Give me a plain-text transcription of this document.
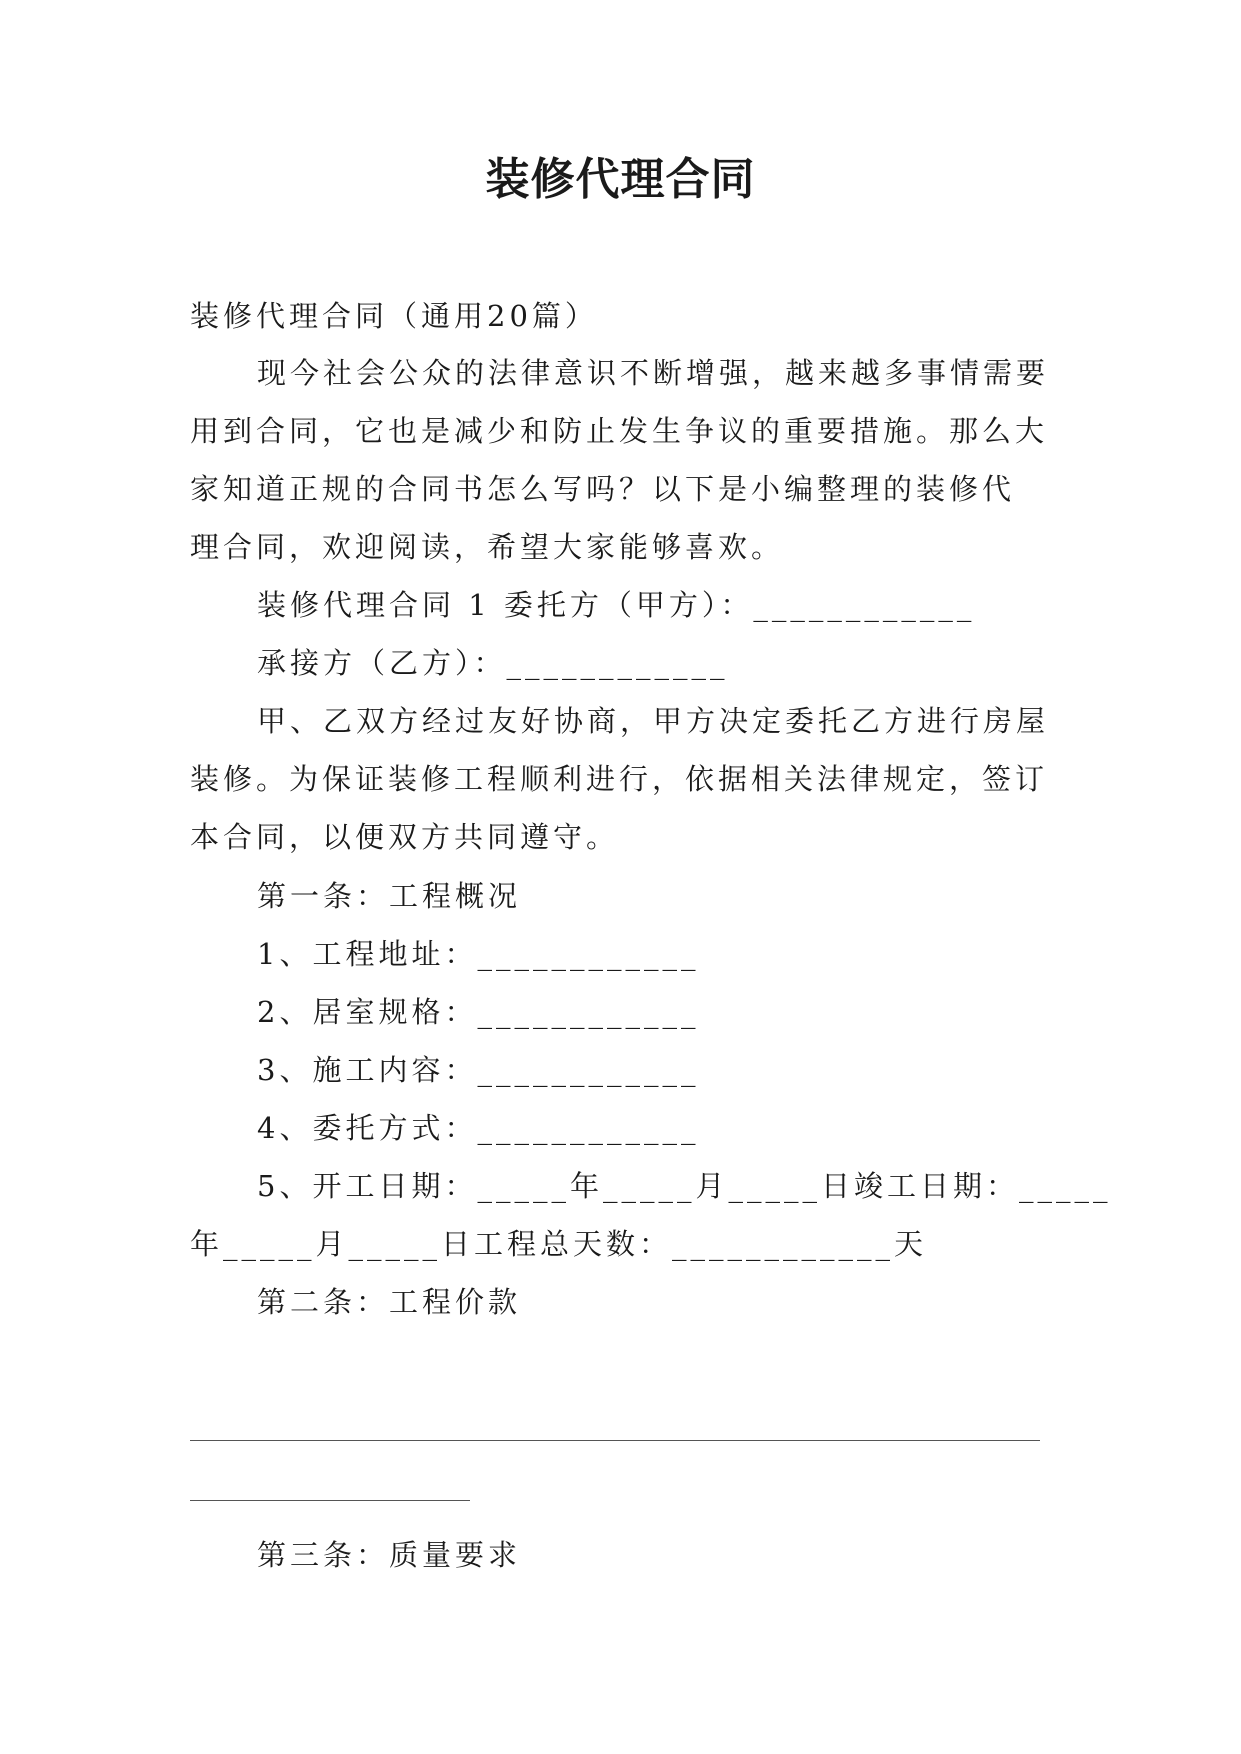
装修代理合同
装修代理合同（通用20篇）
现今社会公众的法律意识不断增强，越来越多事情需要
用到合同，它也是减少和防止发生争议的重要措施。那么大
家知道正规的合同书怎么写吗？以下是小编整理的装修代
理合同，欢迎阅读，希望大家能够喜欢。
装修代理合同 1 委托方（甲方）：____________
承接方（乙方）：____________
甲、乙双方经过友好协商，甲方决定委托乙方进行房屋
装修。为保证装修工程顺利进行，依据相关法律规定，签订
本合同，以便双方共同遵守。
第一条：工程概况
1、工程地址：____________
2、居室规格：____________
3、施工内容：____________
4、委托方式：____________
5、开工日期：_____年_____月_____日竣工日期：_____
年_____月_____日工程总天数：____________天
第二条：工程价款
第三条：质量要求
